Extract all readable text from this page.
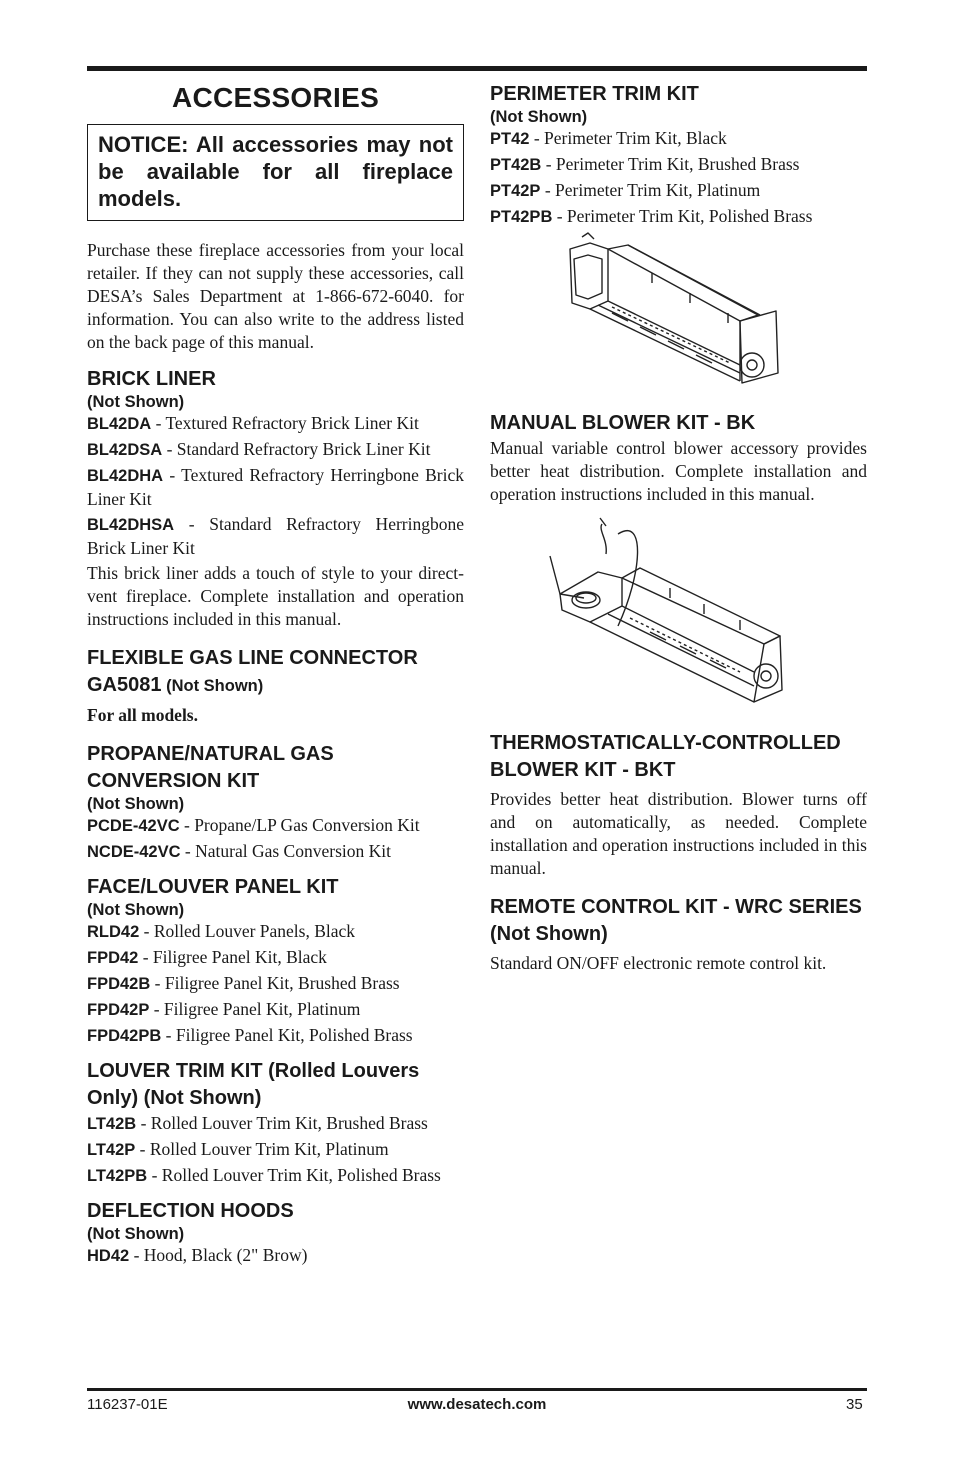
ACCESSORIES
NOTICE: All accessories may not be available for all fireplace models.

Purchase these fireplace accessories from your local retailer. If they can not supply these accessories, call DESA’s Sales Department at 1-866-672-6040. for information. You can also write to the address listed on the back page of this manual.

BRICK LINER
(Not Shown)

BL42DA - Textured Refractory Brick Liner Kit

BL42DSA - Standard Refractory Brick Liner Kit

BL42DHA - Textured Refractory Herringbone Brick Liner Kit

BL42DHSA - Standard Refractory Herringbone Brick Liner Kit

This brick liner adds a touch of style to your direct-vent fireplace. Complete installation and operation instructions included in this manual.

FLEXIBLE GAS LINE CONNECTOR
GA5081 (Not Shown)

For all models.

PROPANE/NATURAL GAS CONVERSION KIT
(Not Shown)

PCDE-42VC - Propane/LP Gas Conversion Kit

NCDE-42VC - Natural Gas Conversion Kit

FACE/LOUVER PANEL KIT
(Not Shown)

RLD42 - Rolled Louver Panels, Black

FPD42 - Filigree Panel Kit, Black

FPD42B - Filigree Panel Kit, Brushed Brass

FPD42P - Filigree Panel Kit, Platinum

FPD42PB - Filigree Panel Kit, Polished Brass

LOUVER TRIM KIT (Rolled Louvers Only) (Not Shown)

LT42B - Rolled Louver Trim Kit, Brushed Brass

LT42P - Rolled Louver Trim Kit, Platinum

LT42PB - Rolled Louver Trim Kit, Polished Brass

DEFLECTION HOODS
(Not Shown)

HD42 - Hood, Black (2" Brow)

PERIMETER TRIM KIT
(Not Shown)

PT42 - Perimeter Trim Kit, Black

PT42B - Perimeter Trim Kit, Brushed Brass

PT42P - Perimeter Trim Kit, Platinum

PT42PB - Perimeter Trim Kit, Polished Brass

MANUAL BLOWER KIT - BK

Manual variable control blower accessory provides better heat distribution. Complete installation and operation instructions included in this manual.

THERMOSTATICALLY-CONTROLLED BLOWER KIT - BKT

Provides better heat distribution. Blower turns off and on automatically, as needed. Complete installation and operation instructions included in this manual.

REMOTE CONTROL KIT - WRC SERIES (Not Shown)

Standard ON/OFF electronic remote control kit.

116237-01E	www.desatech.com	35
